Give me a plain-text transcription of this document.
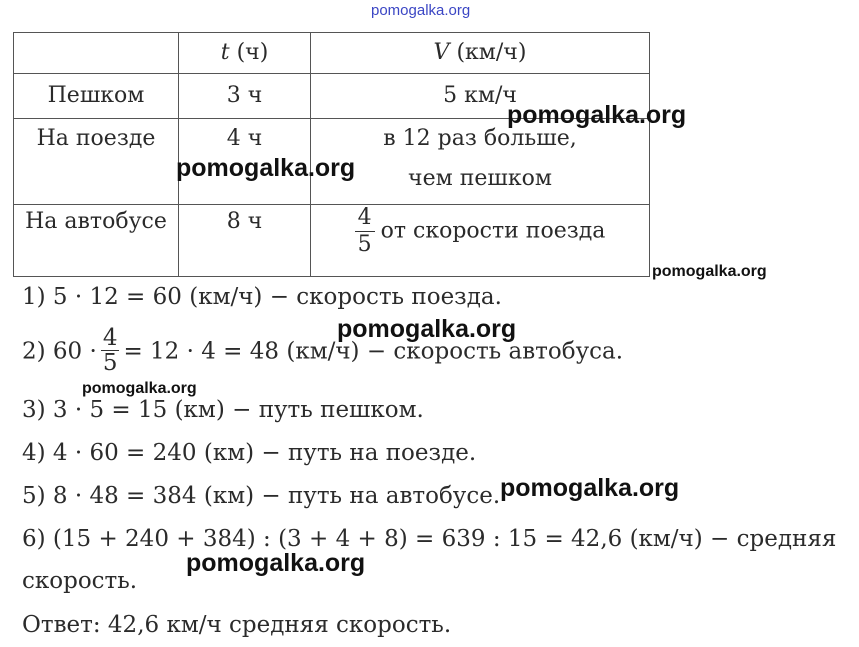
pomogalka.org
	t (ч)	V (км/ч)
Пешком	3 ч	5 км/ч
На поезде	4 ч	в 12 раз больше,
чем пешком

На автобусе	8 ч	$\frac{4}{5}$ от скорости поезда
1) 5 · 12 = 60 (км/ч) − скорость поезда.
2) $60 \cdot \frac{4}{5} = 12 \cdot 4 = 48$ (км/ч) − скорость автобуса.
3) 3 · 5 = 15 (км) − путь пешком.
4) 4 · 60 = 240 (км) − путь на поезде.
5) 8 · 48 = 384 (км) − путь на автобусе.
6) (15 + 240 + 384) : (3 + 4 + 8) = 639 : 15 = 42,6 (км/ч) − средняя
скорость.
Ответ: 42,6 км/ч средняя скорость.
pomogalka.org
pomogalka.org
pomogalka.org
pomogalka.org
pomogalka.org
pomogalka.org
pomogalka.org
